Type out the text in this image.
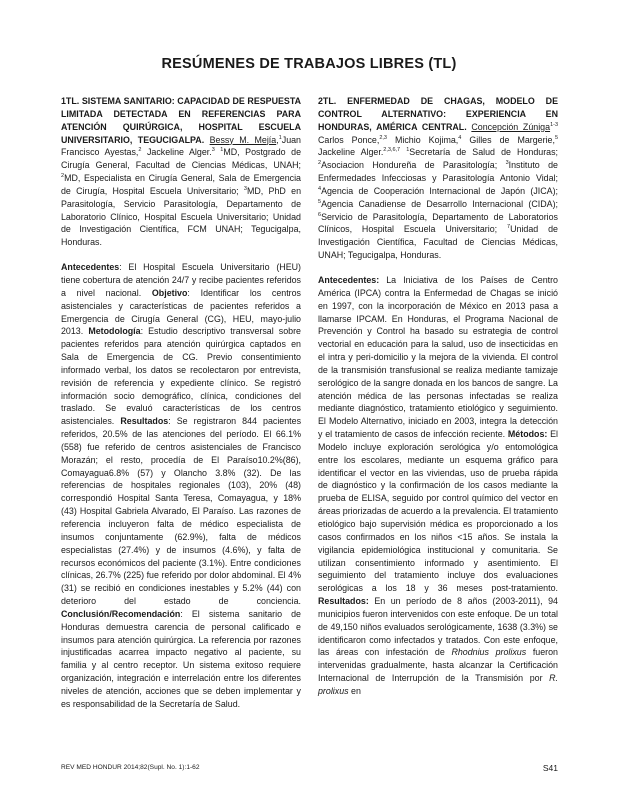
RESÚMENES DE TRABAJOS LIBRES (TL)

1TL. SISTEMA SANITARIO: CAPACIDAD DE RESPUESTA LIMITADA DETECTADA EN REFERENCIAS PARA ATENCIÓN QUIRÚRGICA, HOSPITAL ESCUELA UNIVERSITARIO, TEGUCIGALPA. Bessy M. Mejía,$^1$Juan Francisco Ayestas,$^2$ Jackeline Alger.$^3$ $^1$MD, Postgrado de Cirugía General, Facultad de Ciencias Médicas, UNAH; $^2$MD, Especialista en Cirugía General, Sala de Emergencia de Cirugía, Hospital Escuela Universitario; $^3$MD, PhD en Parasitología, Servicio Parasitología, Departamento de Laboratorio Clínico, Hospital Escuela Universitario; Unidad de Investigación Científica, FCM UNAH; Tegucigalpa, Honduras.

Antecedentes: El Hospital Escuela Universitario (HEU) tiene cobertura de atención 24/7 y recibe pacientes referidos a nivel nacional. Objetivo: Identificar los centros asistenciales y características de pacientes referidos a Emergencia de Cirugía General (CG), HEU, mayo-julio 2013. Metodología: Estudio descriptivo transversal sobre pacientes referidos para atención quirúrgica captados en Sala de Emergencia de CG. Previo consentimiento informado verbal, los datos se recolectaron por entrevista, revisión de referencia y expediente clínico. Se registró información socio demográfico, clínica, condiciones del traslado. Se evaluó características de los centros asistenciales. Resultados: Se registraron 844 pacientes referidos, 20.5% de las atenciones del período. El 66.1% (558) fue referido de centros asistenciales de Francisco Morazán; el resto, procedía de El Paraíso10.2%(86), Comayagua6.8% (57) y Olancho 3.8% (32). De las referencias de hospitales regionales (103), 20% (48) correspondió Hospital Santa Teresa, Comayagua, y 18% (43) Hospital Gabriela Alvarado, El Paraíso. Las razones de referencia incluyeron falta de médico especialista de insumos conjuntamente (62.9%), falta de médicos especialistas (27.4%) y de insumos (4.6%), y falta de recursos económicos del paciente (3.1%). Entre condiciones clínicas, 26.7% (225) fue referido por dolor abdominal. El 4% (31) se recibió en condiciones inestables y 5.2% (44) con deterioro del estado de conciencia. Conclusión/Recomendación: El sistema sanitario de Honduras demuestra carencia de personal calificado e insumos para atención quirúrgica. La referencia por razones injustificadas acarrea impacto negativo al paciente, su familia y al centro receptor. Un sistema exitoso requiere organización, integración e interrelación entre los diferentes niveles de atención, acciones que se deben implementar y es responsabilidad de la Secretaría de Salud.

2TL. ENFERMEDAD DE CHAGAS, MODELO DE CONTROL ALTERNATIVO: EXPERIENCIA EN HONDURAS, AMÉRICA CENTRAL. Concepción Zúniga$^{1-3}$ Carlos Ponce,$^{2,3}$ Michio Kojima,$^4$ Gilles de Margerie,$^5$ Jackeline Alger.$^{2,3,6,7}$ $^1$Secretaría de Salud de Honduras; $^2$Asociacion Hondureña de Parasitología; $^3$Instituto de Enfermedades Infecciosas y Parasitología Antonio Vidal; $^4$Agencia de Cooperación Internacional de Japón (JICA); $^5$Agencia Canadiense de Desarrollo Internacional (CIDA); $^6$Servicio de Parasitología, Departamento de Laboratorios Clínicos, Hospital Escuela Universitario; $^7$Unidad de Investigación Científica, Facultad de Ciencias Médicas, UNAH; Tegucigalpa, Honduras.

Antecedentes: La Iniciativa de los Países de Centro América (IPCA) contra la Enfermedad de Chagas se inició en 1997, con la incorporación de México en 2013 pasa a llamarse IPCAM. En Honduras, el Programa Nacional de Prevención y Control ha basado su estrategia de control vectorial en educación para la salud, uso de insecticidas en el intra y peri-domicilio y la mejora de la vivienda. El control de la transmisión transfusional se realiza mediante tamizaje serológico de la sangre donada en los bancos de sangre. La atención médica de las personas infectadas se realiza mediante diagnóstico, tratamiento etiológico y seguimiento. El Modelo Alternativo, iniciado en 2003, integra la detección y el tratamiento de casos de infección reciente. Métodos: El Modelo incluye exploración serológica y/o entomológica entre los escolares, mediante un esquema gráfico para identificar el vector en las viviendas, uso de prueba rápida de diagnóstico y la confirmación de los casos mediante la prueba de ELISA, seguido por control químico del vector en áreas priorizadas de acuerdo a la prevalencia. El tratamiento etiológico bajo supervisión médica es proporcionado a los casos confirmados en los niños <15 años. Se instala la vigilancia epidemiológica institucional y comunitaria. Se utilizan consentimiento informado y asentimiento. El seguimiento del tratamiento incluye dos evaluaciones serológicas a los 18 y 36 meses post-tratamiento. Resultados: En un período de 8 años (2003-2011), 94 municipios fueron intervenidos con este enfoque. De un total de 49,150 niños evaluados serológicamente, 1638 (3.3%) se identificaron como infectados y tratados. Con este enfoque, las áreas con infestación de Rhodnius prolixus fueron intervenidas gradualmente, hasta alcanzar la Certificación Internacional de Interrupción de la Transmisión por R. prolixus en

REV MED HONDUR 2014;82(Supl. No. 1):1-62	S41
